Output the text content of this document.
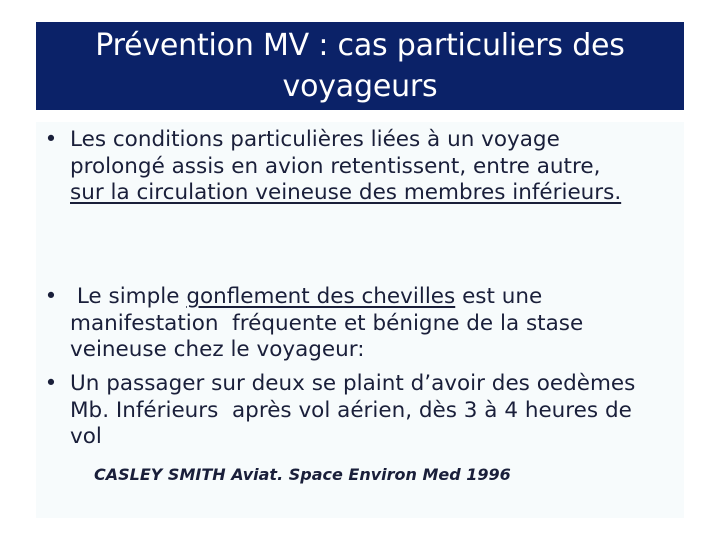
Prévention MV : cas particuliers des
voyageurs
• Les conditions particulières liées à un voyage
prolongé assis en avion retentissent, entre autre,
sur la circulation veineuse des membres inférieurs.
• Le simple gonflement des chevilles est une
manifestation  fréquente et bénigne de la stase
veineuse chez le voyageur:
• Un passager sur deux se plaint d’avoir des oedèmes
Mb. Inférieurs  après vol aérien, dès 3 à 4 heures de
vol
CASLEY SMITH Aviat. Space Environ Med 1996
